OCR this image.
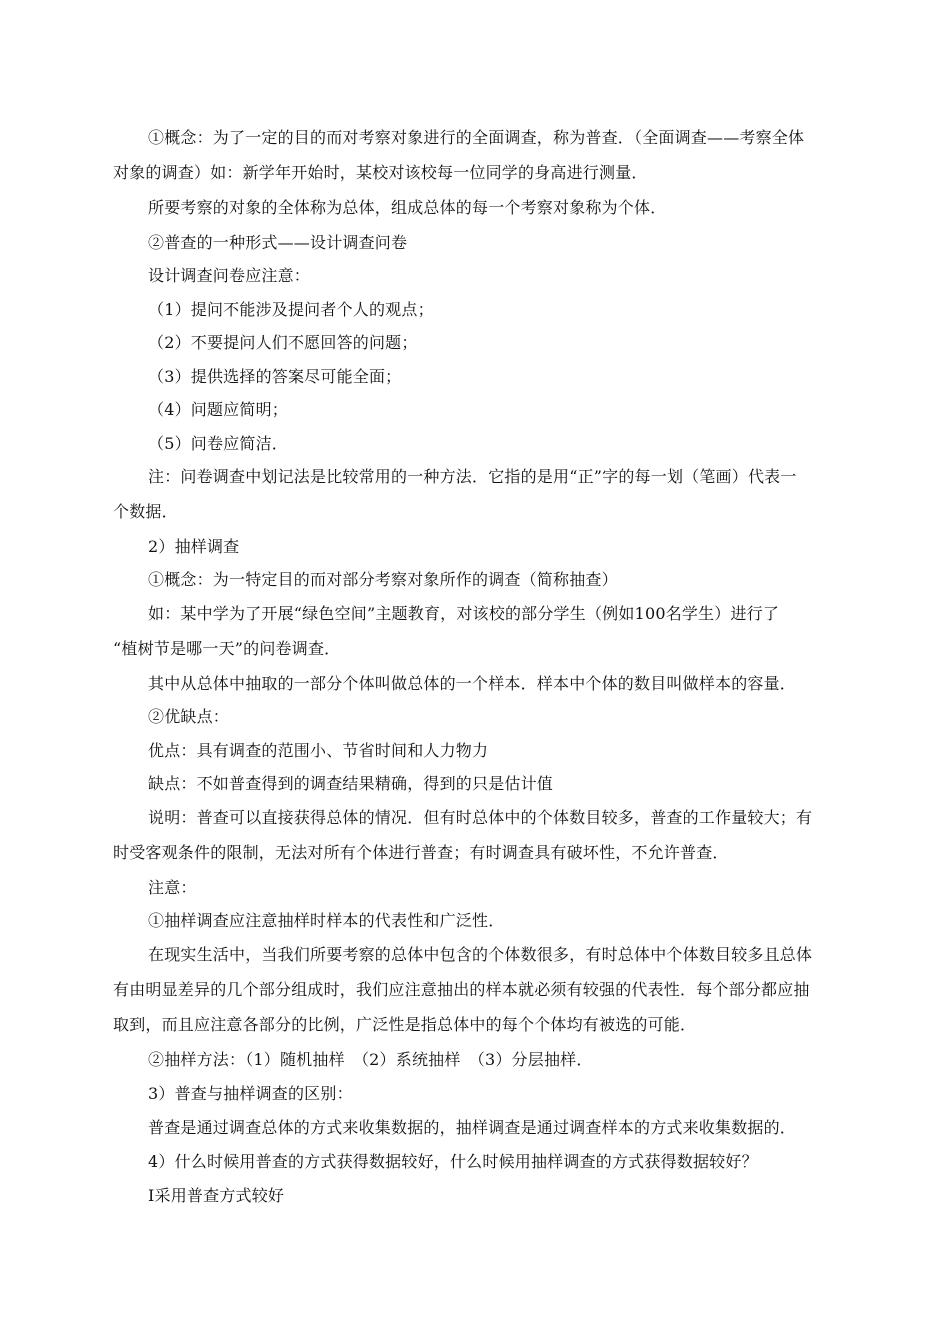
①概念：为了一定的目的而对考察对象进行的全面调查，称为普查．（全面调查——考察全体
对象的调查）如：新学年开始时，某校对该校每一位同学的身高进行测量．
所要考察的对象的全体称为总体，组成总体的每一个考察对象称为个体．
②普查的一种形式——设计调查问卷
设计调查问卷应注意：
（1）提问不能涉及提问者个人的观点；
（2）不要提问人们不愿回答的问题；
（3）提供选择的答案尽可能全面；
（4）问题应简明；
（5）问卷应简洁．
注：问卷调查中划记法是比较常用的一种方法．它指的是用“正”字的每一划（笔画）代表一
个数据．
2）抽样调查
①概念：为一特定目的而对部分考察对象所作的调查（简称抽查）
如：某中学为了开展“绿色空间”主题教育，对该校的部分学生（例如100名学生）进行了
“植树节是哪一天”的问卷调查．
其中从总体中抽取的一部分个体叫做总体的一个样本．样本中个体的数目叫做样本的容量．
②优缺点：
优点：具有调查的范围小、节省时间和人力物力
缺点：不如普查得到的调查结果精确，得到的只是估计值
说明：普查可以直接获得总体的情况．但有时总体中的个体数目较多，普查的工作量较大；有
时受客观条件的限制，无法对所有个体进行普查；有时调查具有破坏性，不允许普查．
注意：
①抽样调查应注意抽样时样本的代表性和广泛性．
在现实生活中，当我们所要考察的总体中包含的个体数很多，有时总体中个体数目较多且总体
有由明显差异的几个部分组成时，我们应注意抽出的样本就必须有较强的代表性．每个部分都应抽
取到，而且应注意各部分的比例，广泛性是指总体中的每个个体均有被选的可能．
②抽样方法：（1）随机抽样　（2）系统抽样　（3）分层抽样．
3）普查与抽样调查的区别：
普查是通过调查总体的方式来收集数据的，抽样调查是通过调查样本的方式来收集数据的．
4）什么时候用普查的方式获得数据较好，什么时候用抽样调查的方式获得数据较好？
I采用普查方式较好
